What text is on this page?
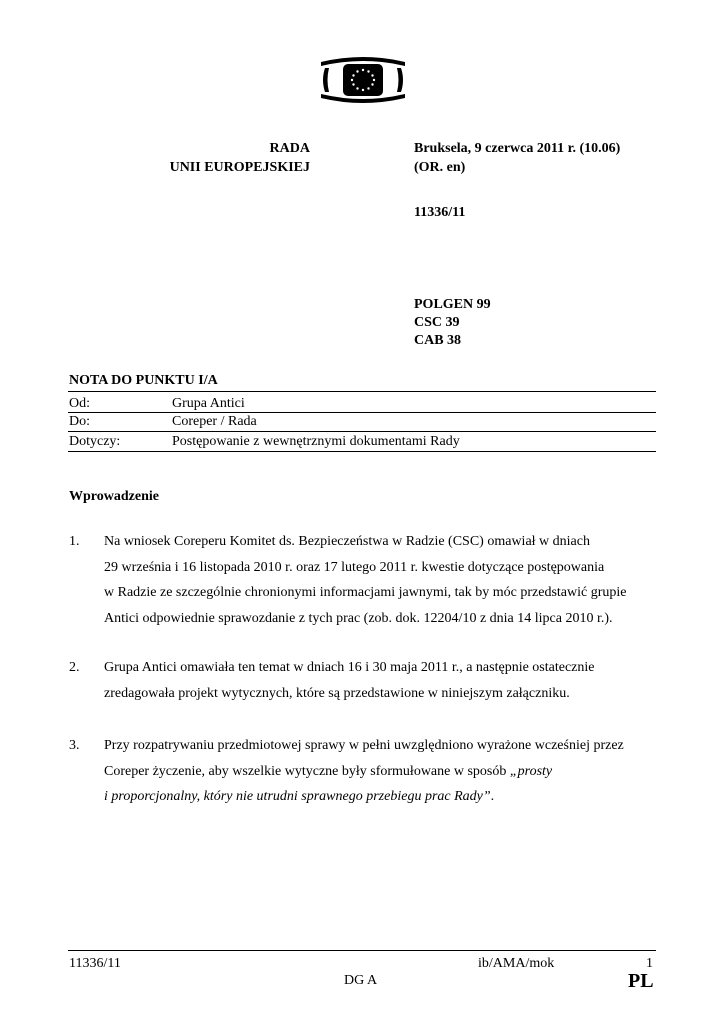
RADA
UNII EUROPEJSKIEJ
Bruksela, 9 czerwca 2011 r. (10.06)
(OR. en)
11336/11
POLGEN 99
CSC 39
CAB 38
NOTA DO PUNKTU I/A
Od:	Grupa Antici
Do:	Coreper / Rada
Dotyczy:	Postępowanie z wewnętrznymi dokumentami Rady
Wprowadzenie
1. Na wniosek Coreperu Komitet ds. Bezpieczeństwa w Radzie (CSC) omawiał w dniach

29 września i 16 listopada 2010 r. oraz 17 lutego 2011 r. kwestie dotyczące postępowania

w Radzie ze szczególnie chronionymi informacjami jawnymi, tak by móc przedstawić grupie

Antici odpowiednie sprawozdanie z tych prac (zob. dok. 12204/10 z dnia 14 lipca 2010 r.).

2. Grupa Antici omawiała ten temat w dniach 16 i 30 maja 2011 r., a następnie ostatecznie

zredagowała projekt wytycznych, które są przedstawione w niniejszym załączniku.

3. Przy rozpatrywaniu przedmiotowej sprawy w pełni uwzględniono wyrażone wcześniej przez

Coreper życzenie, aby wszelkie wytyczne były sformułowane w sposób „prosty

i proporcjonalny, który nie utrudni sprawnego przebiegu prac Rady”.

11336/11	ib/AMA/mok	1
DG A	PL
